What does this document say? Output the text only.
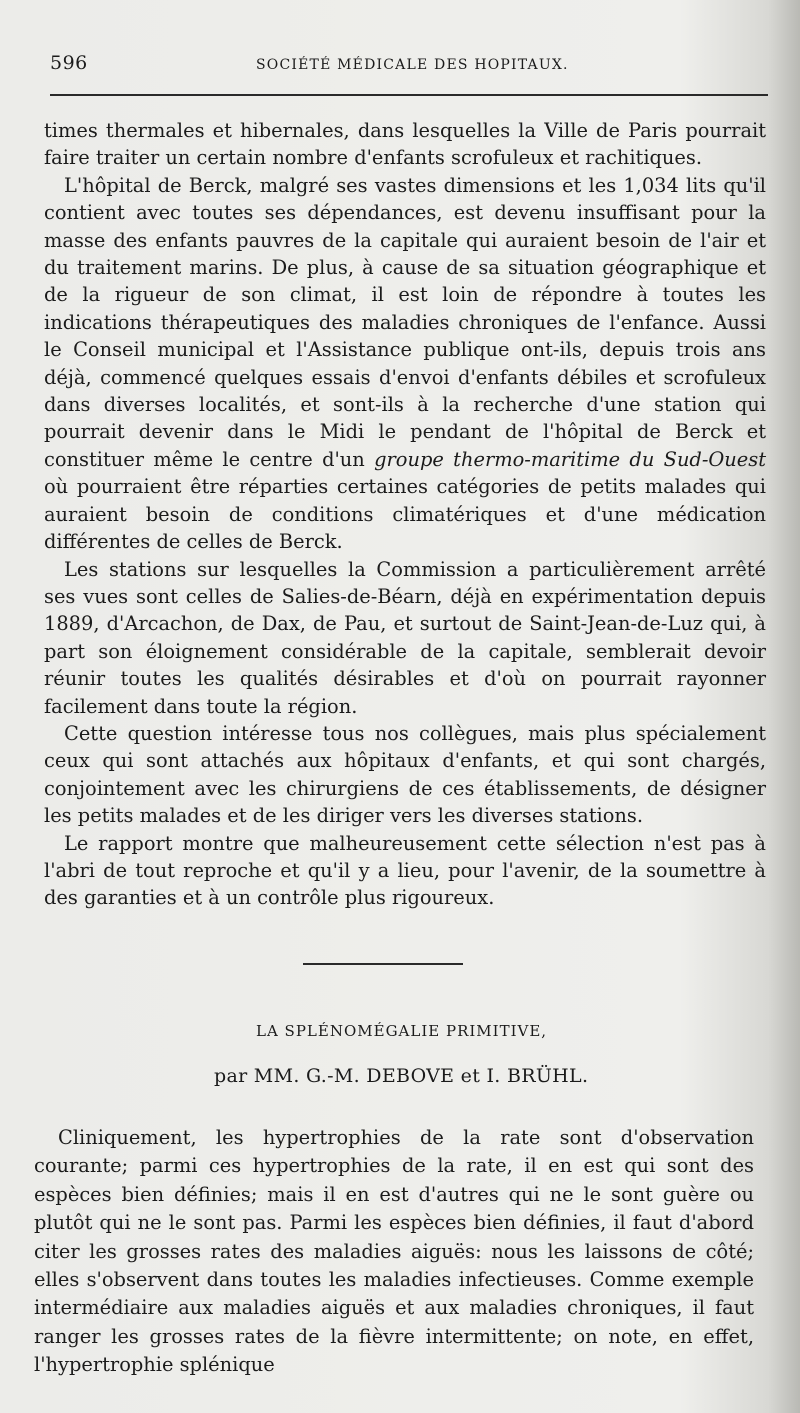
596	SOCIÉTÉ MÉDICALE DES HOPITAUX.

times thermales et hibernales, dans lesquelles la Ville de Paris pourrait faire traiter un certain nombre d'enfants scrofuleux et rachitiques.

L'hôpital de Berck, malgré ses vastes dimensions et les 1,034 lits qu'il contient avec toutes ses dépendances, est devenu insuffisant pour la masse des enfants pauvres de la capitale qui auraient besoin de l'air et du traitement marins. De plus, à cause de sa situation géographique et de la rigueur de son climat, il est loin de répondre à toutes les indications thérapeutiques des maladies chroniques de l'enfance. Aussi le Conseil municipal et l'Assistance publique ont-ils, depuis trois ans déjà, commencé quelques essais d'envoi d'enfants débiles et scrofuleux dans diverses localités, et sont-ils à la recherche d'une station qui pourrait devenir dans le Midi le pendant de l'hôpital de Berck et constituer même le centre d'un groupe thermo-maritime du Sud-Ouest où pourraient être réparties certaines catégories de petits malades qui auraient besoin de conditions climatériques et d'une médication différentes de celles de Berck.

Les stations sur lesquelles la Commission a particulièrement arrêté ses vues sont celles de Salies-de-Béarn, déjà en expérimentation depuis 1889, d'Arcachon, de Dax, de Pau, et surtout de Saint-Jean-de-Luz qui, à part son éloignement considérable de la capitale, semblerait devoir réunir toutes les qualités désirables et d'où on pourrait rayonner facilement dans toute la région.

Cette question intéresse tous nos collègues, mais plus spécialement ceux qui sont attachés aux hôpitaux d'enfants, et qui sont chargés, conjointement avec les chirurgiens de ces établissements, de désigner les petits malades et de les diriger vers les diverses stations.

Le rapport montre que malheureusement cette sélection n'est pas à l'abri de tout reproche et qu'il y a lieu, pour l'avenir, de la soumettre à des garanties et à un contrôle plus rigoureux.

LA SPLÉNOMÉGALIE PRIMITIVE,
par MM. G.-M. DEBOVE et I. BRÜHL.

Cliniquement, les hypertrophies de la rate sont d'observation courante; parmi ces hypertrophies de la rate, il en est qui sont des espèces bien définies; mais il en est d'autres qui ne le sont guère ou plutôt qui ne le sont pas. Parmi les espèces bien définies, il faut d'abord citer les grosses rates des maladies aiguës: nous les laissons de côté; elles s'observent dans toutes les maladies infectieuses. Comme exemple intermédiaire aux maladies aiguës et aux maladies chroniques, il faut ranger les grosses rates de la fièvre intermittente; on note, en effet, l'hypertrophie splénique
